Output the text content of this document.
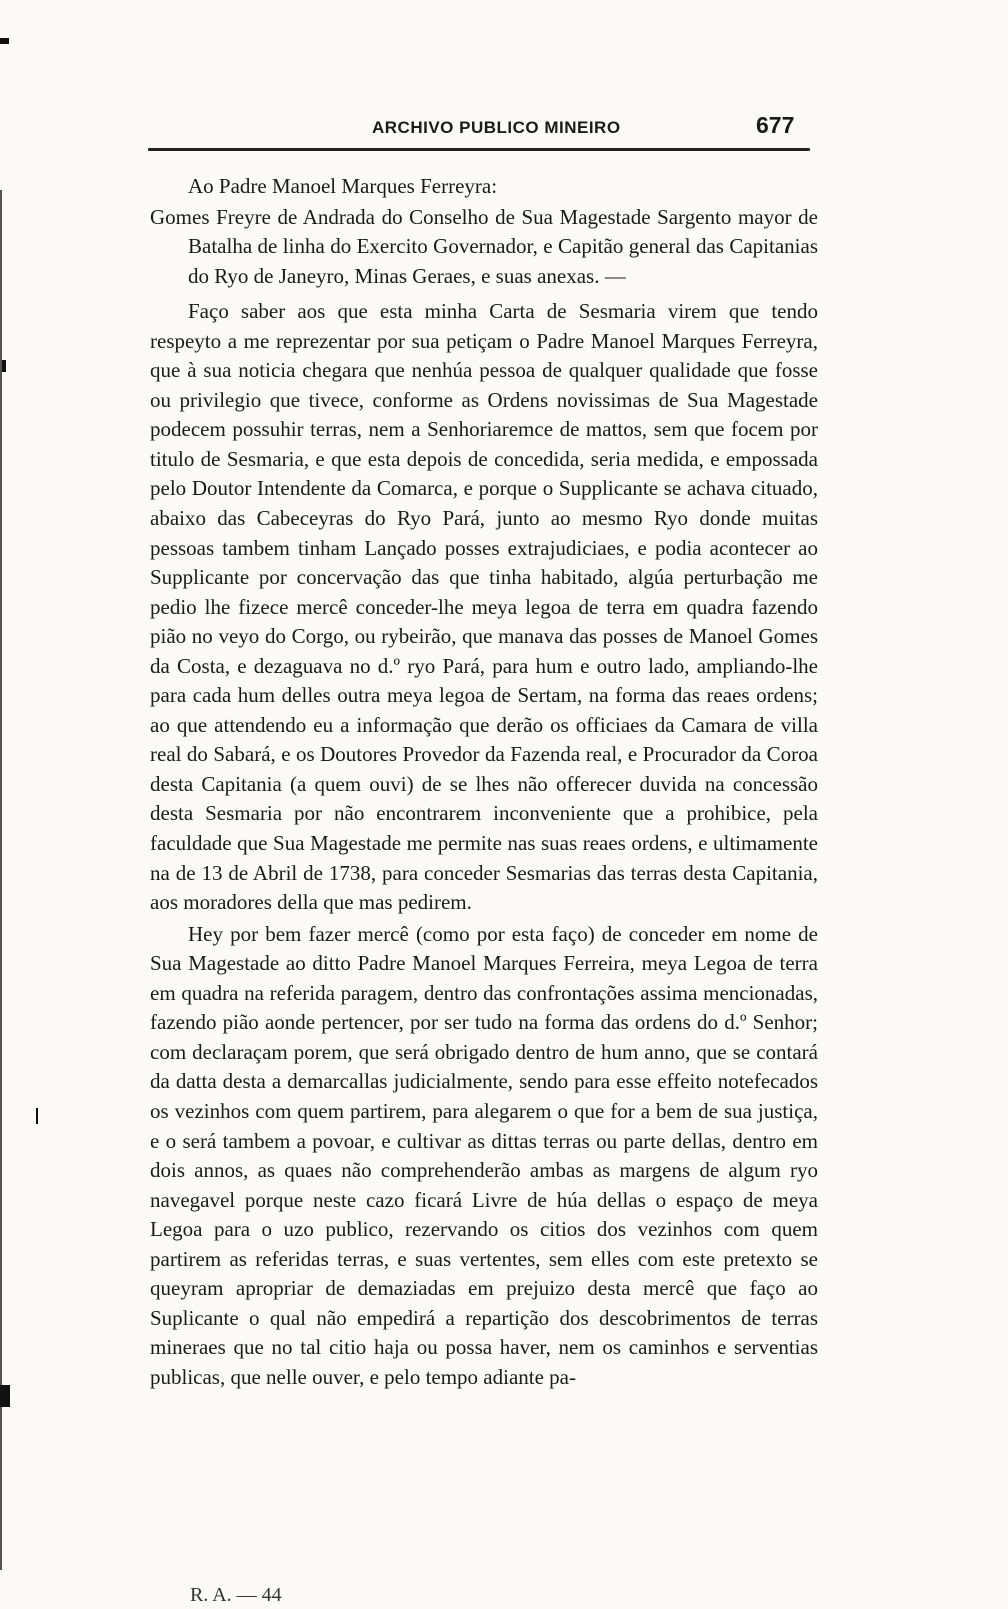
ARCHIVO PUBLICO MINEIRO	677

Ao Padre Manoel Marques Ferreyra:

Gomes Freyre de Andrada do Conselho de Sua Magestade Sargento mayor de Batalha de linha do Exercito Governador, e Capitão general das Capitanias do Ryo de Janeyro, Minas Geraes, e suas anexas. —

Faço saber aos que esta minha Carta de Sesmaria virem que tendo respeyto a me reprezentar por sua petiçam o Padre Manoel Marques Ferreyra, que à sua noticia chegara que nenhúa pessoa de qualquer qualidade que fosse ou privilegio que tivece, conforme as Ordens novissimas de Sua Magestade podecem possuhir terras, nem a Senhoriaremce de mattos, sem que focem por titulo de Sesmaria, e que esta depois de concedida, seria medida, e empossada pelo Doutor Intendente da Comarca, e porque o Supplicante se achava cituado, abaixo das Cabeceyras do Ryo Pará, junto ao mesmo Ryo donde muitas pessoas tambem tinham Lançado posses extrajudiciaes, e podia acontecer ao Supplicante por concervação das que tinha habitado, algúa perturbação me pedio lhe fizece mercê conceder-lhe meya legoa de terra em quadra fazendo pião no veyo do Corgo, ou rybeirão, que manava das posses de Manoel Gomes da Costa, e dezaguava no d.º ryo Pará, para hum e outro lado, ampliando-lhe para cada hum delles outra meya legoa de Sertam, na forma das reaes ordens; ao que attendendo eu a informação que derão os officiaes da Camara de villa real do Sabará, e os Doutores Provedor da Fazenda real, e Procurador da Coroa desta Capitania (a quem ouvi) de se lhes não offerecer duvida na concessão desta Sesmaria por não encontrarem inconveniente que a prohibice, pela faculdade que Sua Magestade me permite nas suas reaes ordens, e ultimamente na de 13 de Abril de 1738, para conceder Sesmarias das terras desta Capitania, aos moradores della que mas pedirem.

Hey por bem fazer mercê (como por esta faço) de conceder em nome de Sua Magestade ao ditto Padre Manoel Marques Ferreira, meya Legoa de terra em quadra na referida paragem, dentro das confrontações assima mencionadas, fazendo pião aonde pertencer, por ser tudo na forma das ordens do d.º Senhor; com declaraçam porem, que será obrigado dentro de hum anno, que se contará da datta desta a demarcallas judicialmente, sendo para esse effeito notefecados os vezinhos com quem partirem, para alegarem o que for a bem de sua justiça, e o será tambem a povoar, e cultivar as dittas terras ou parte dellas, dentro em dois annos, as quaes não comprehenderão ambas as margens de algum ryo navegavel porque neste cazo ficará Livre de húa dellas o espaço de meya Legoa para o uzo publico, rezervando os citios dos vezinhos com quem partirem as referidas terras, e suas vertentes, sem elles com este pretexto se queyram apropriar de demaziadas em prejuizo desta mercê que faço ao Suplicante o qual não empedirá a repartição dos descobrimentos de terras mineraes que no tal citio haja ou possa haver, nem os caminhos e serventias publicas, que nelle ouver, e pelo tempo adiante pa-

R. A. — 44
